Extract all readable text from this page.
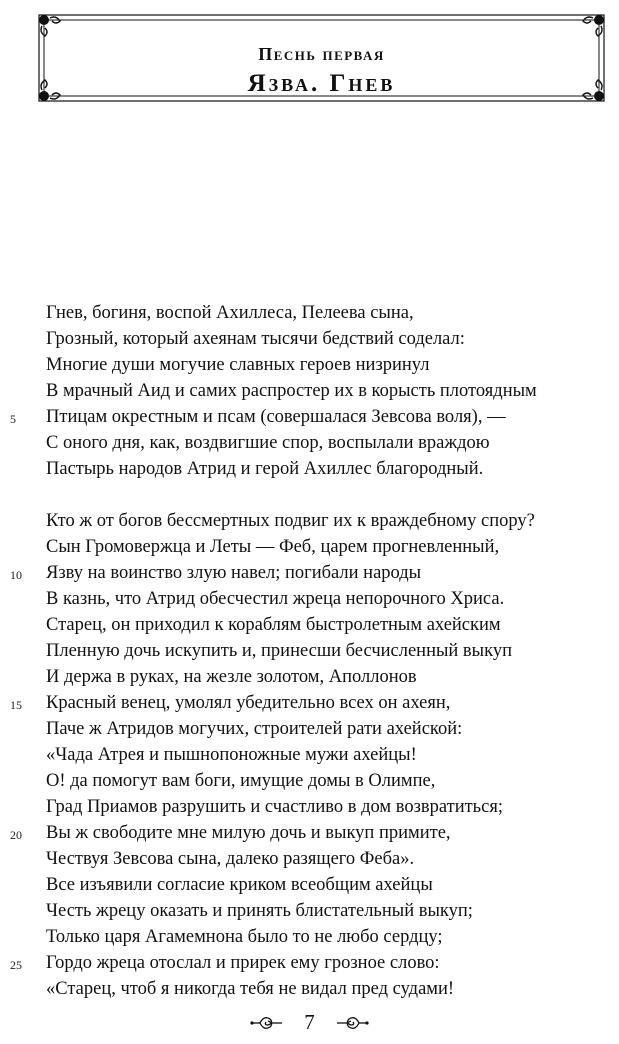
Песнь первая
Язва. Гнев
Гнев, богиня, воспой Ахиллеса, Пелеева сына,
Грозный, который ахеянам тысячи бедствий соделал:
Многие души могучие славных героев низринул
В мрачный Аид и самих распростер их в корысть плотоядным
5	Птицам окрестным и псам (совершалася Зевсова воля), —
С оного дня, как, воздвигшие спор, воспылали враждою
Пастырь народов Атрид и герой Ахиллес благородный.
Кто ж от богов бессмертных подвиг их к враждебному спору?
Сын Громовержца и Леты — Феб, царем прогневленный,
10	Язву на воинство злую навел; погибали народы
В казнь, что Атрид обесчестил жреца непорочного Хриса.
Старец, он приходил к кораблям быстролетным ахейским
Пленную дочь искупить и, принесши бесчисленный выкуп
И держа в руках, на жезле золотом, Аполлонов
15	Красный венец, умолял убедительно всех он ахеян,
Паче ж Атридов могучих, строителей рати ахейской:
«Чада Атрея и пышнопоножные мужи ахейцы!
О! да помогут вам боги, имущие домы в Олимпе,
Град Приамов разрушить и счастливо в дом возвратиться;
20	Вы ж свободите мне милую дочь и выкуп примите,
Чествуя Зевсова сына, далеко разящего Феба».
Все изъявили согласие криком всеобщим ахейцы
Честь жрецу оказать и принять блистательный выкуп;
Только царя Агамемнона было то не любо сердцу;
25	Гордо жреца отослал и прирек ему грозное слово:
«Старец, чтоб я никогда тебя не видал пред судами!
7
